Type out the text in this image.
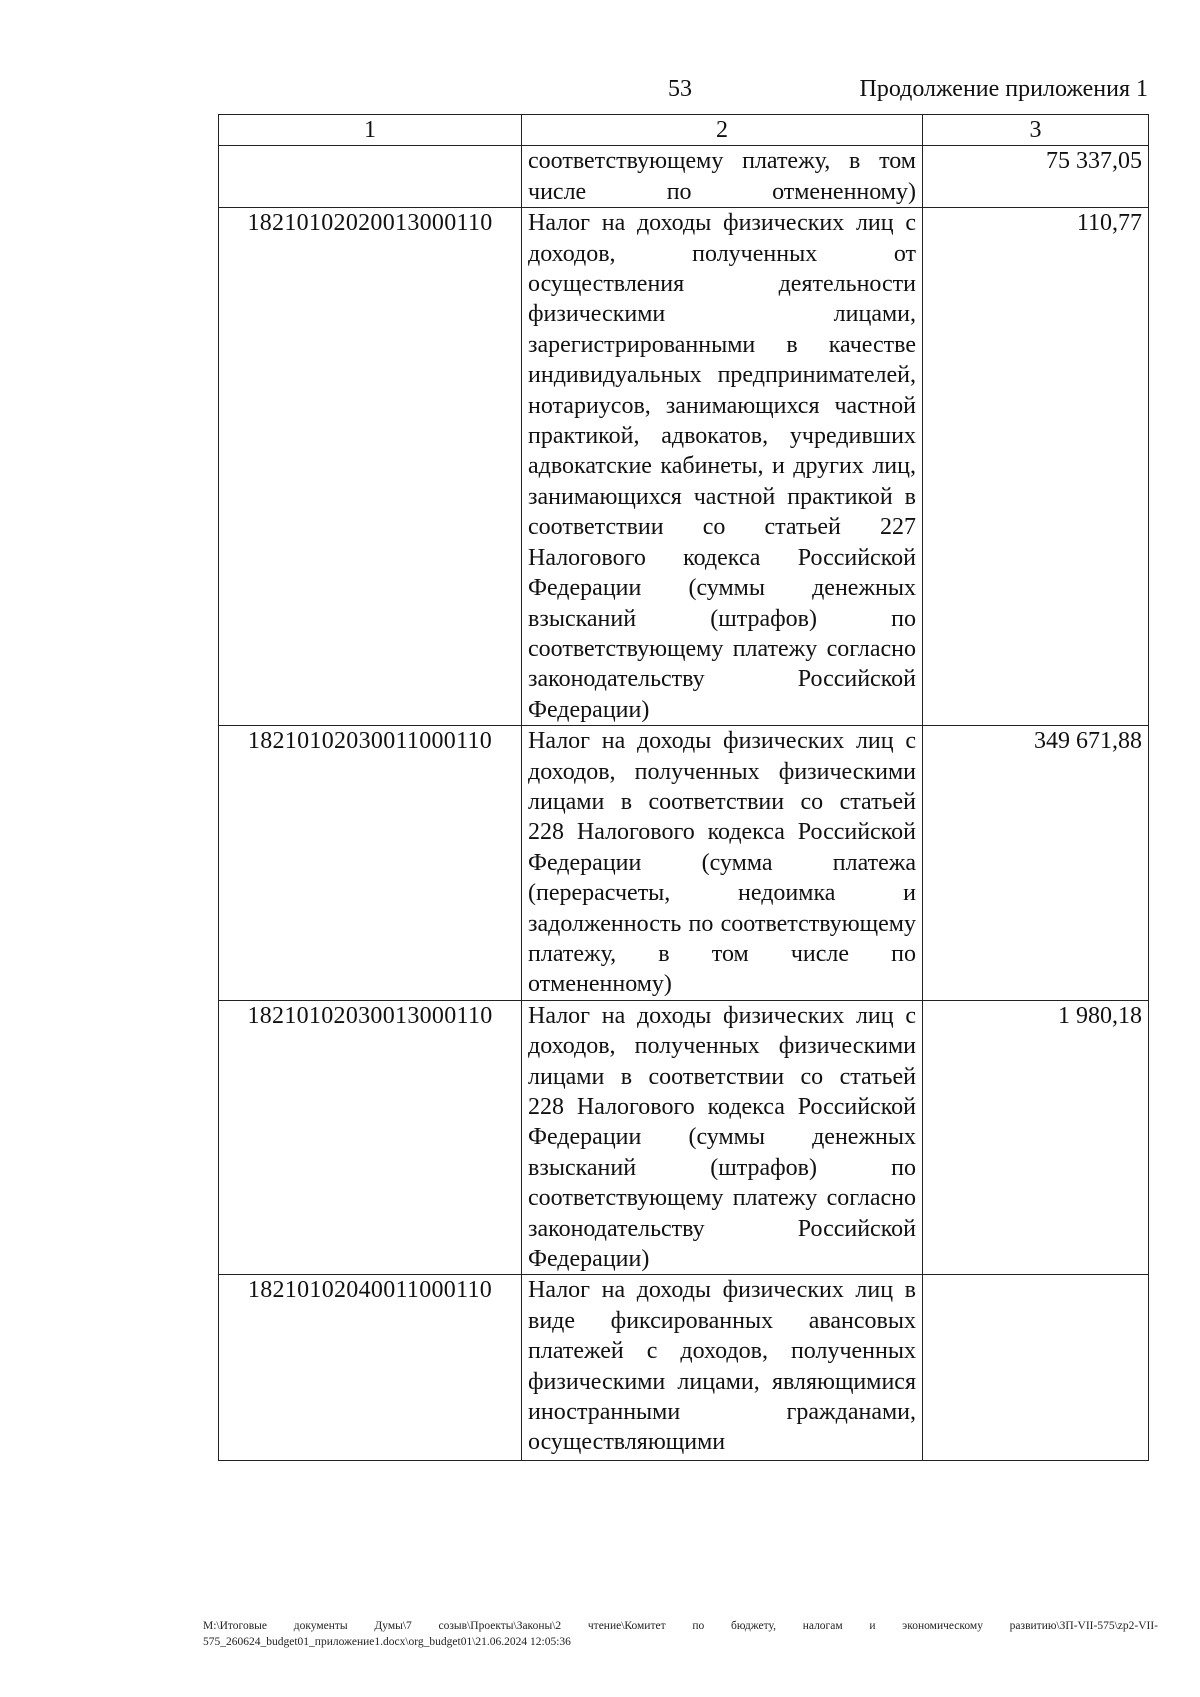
53	Продолжение приложения 1
1	2	3
	соответствующему платежу, в том числе по отмененному)	75 337,05
18210102020013000110	Налог на доходы физических лиц с доходов, полученных от осуществления деятельности физическими лицами, зарегистрированными в качестве индивидуальных предпринимателей, нотариусов, занимающихся частной практикой, адвокатов, учредивших адвокатские кабинеты, и других лиц, занимающихся частной практикой в соответствии со статьей 227 Налогового кодекса Российской Федерации (суммы денежных взысканий (штрафов) по соответствующему платежу согласно законодательству Российской Федерации)	110,77
18210102030011000110	Налог на доходы физических лиц с доходов, полученных физическими лицами в соответствии со статьей 228 Налогового кодекса Российской Федерации (сумма платежа (перерасчеты, недоимка и задолженность по соответствующему платежу, в том числе по отмененному)	349 671,88
18210102030013000110	Налог на доходы физических лиц с доходов, полученных физическими лицами в соответствии со статьей 228 Налогового кодекса Российской Федерации (суммы денежных взысканий (штрафов) по соответствующему платежу согласно законодательству Российской Федерации)	1 980,18
18210102040011000110	Налог на доходы физических лиц в виде фиксированных авансовых платежей с доходов, полученных физическими лицами, являющимися иностранными гражданами, осуществляющими	
M:\Итоговые документы Думы\7 созыв\Проекты\Законы\2 чтение\Комитет по бюджету, налогам и экономическому развитию\ЗП-VII-575\zp2-VII-575_260624_budget01_приложение1.docx\org_budget01\21.06.2024 12:05:36
